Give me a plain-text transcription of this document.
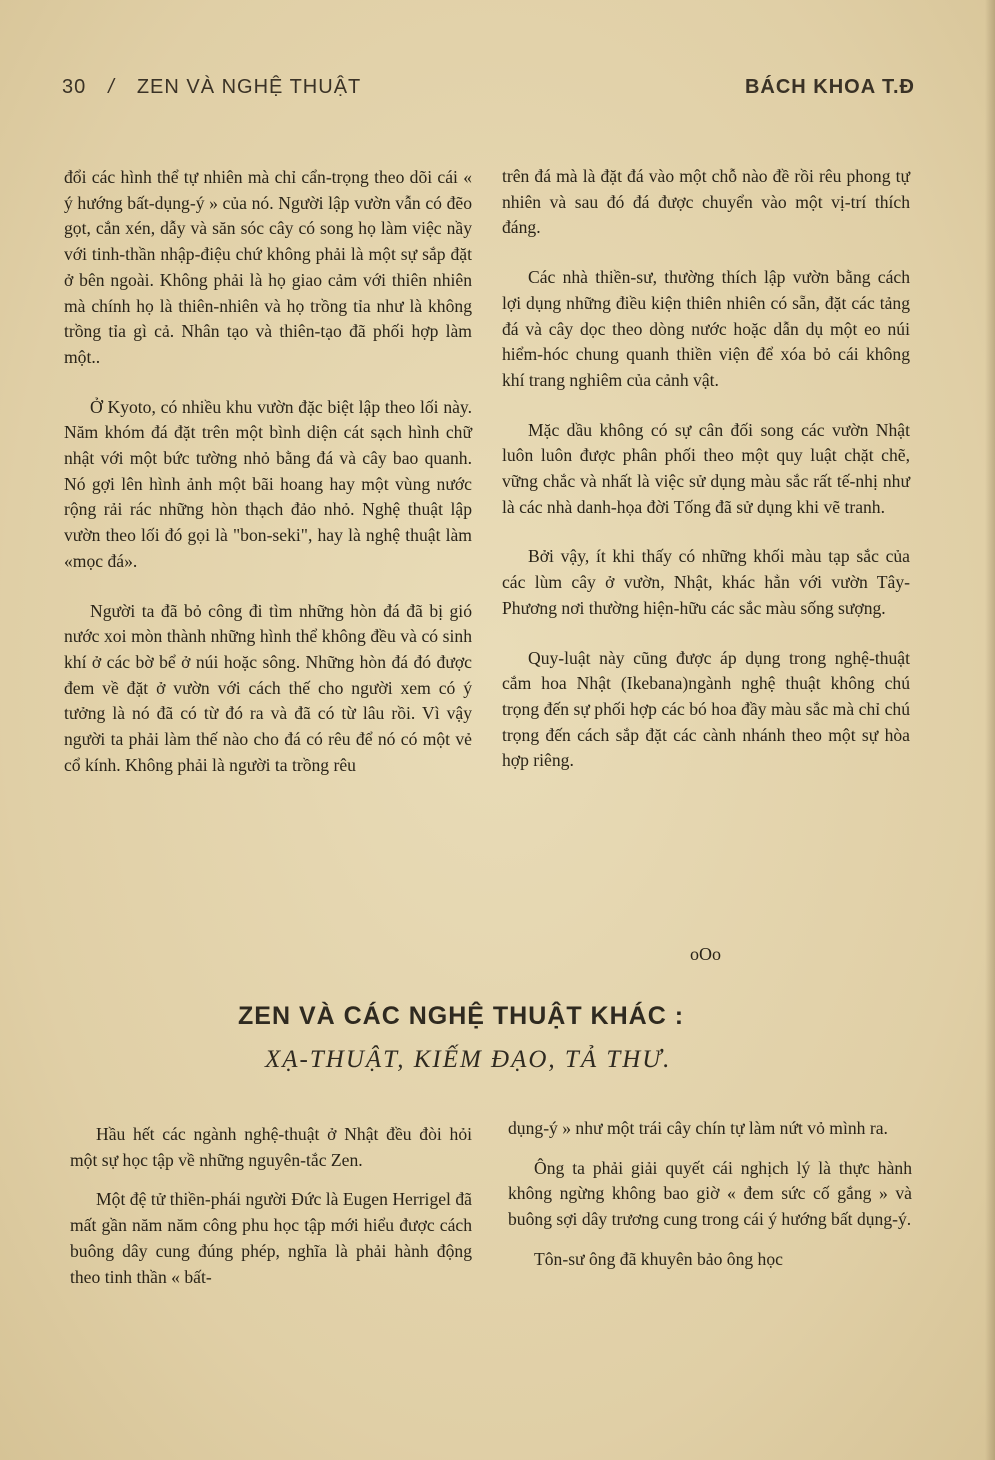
30 / ZEN VÀ NGHỆ THUẬT	BÁCH KHOA T.Đ

đổi các hình thể tự nhiên mà chỉ cẩn-trọng theo dõi cái « ý hướng bất-dụng-ý » của nó. Người lập vườn vẫn có đẽo gọt, cắn xén, dẫy và săn sóc cây có song họ làm việc nầy với tinh-thần nhập-điệu chứ không phải là một sự sắp đặt ở bên ngoài. Không phải là họ giao cảm với thiên nhiên mà chính họ là thiên-nhiên và họ trồng tỉa như là không trồng tỉa gì cả. Nhân tạo và thiên-tạo đã phối hợp làm một..

Ở Kyoto, có nhiều khu vườn đặc biệt lập theo lối này. Năm khóm đá đặt trên một bình diện cát sạch hình chữ nhật với một bức tường nhỏ bằng đá và cây bao quanh. Nó gợi lên hình ảnh một bãi hoang hay một vùng nước rộng rải rác những hòn thạch đảo nhỏ. Nghệ thuật lập vườn theo lối đó gọi là "bon-seki", hay là nghệ thuật làm «mọc đá».

Người ta đã bỏ công đi tìm những hòn đá đã bị gió nước xoi mòn thành những hình thể không đều và có sinh khí ở các bờ bể ở núi hoặc sông. Những hòn đá đó được đem về đặt ở vườn với cách thế cho người xem có ý tưởng là nó đã có từ đó ra và đã có từ lâu rồi. Vì vậy người ta phải làm thế nào cho đá có rêu để nó có một vẻ cổ kính. Không phải là người ta trồng rêu

trên đá mà là đặt đá vào một chỗ nào đề rồi rêu phong tự nhiên và sau đó đá được chuyển vào một vị-trí thích đáng.

Các nhà thiền-sư, thường thích lập vườn bằng cách lợi dụng những điều kiện thiên nhiên có sẵn, đặt các tảng đá và cây dọc theo dòng nước hoặc dẫn dụ một eo núi hiểm-hóc chung quanh thiền viện để xóa bỏ cái không khí trang nghiêm của cảnh vật.

Mặc dầu không có sự cân đối song các vườn Nhật luôn luôn được phân phối theo một quy luật chặt chẽ, vững chắc và nhất là việc sử dụng màu sắc rất tế-nhị như là các nhà danh-họa đời Tống đã sử dụng khi vẽ tranh.

Bởi vậy, ít khi thấy có những khối màu tạp sắc của các lùm cây ở vườn, Nhật, khác hẳn với vườn Tây-Phương nơi thường hiện-hữu các sắc màu sống sượng.

Quy-luật này cũng được áp dụng trong nghệ-thuật cắm hoa Nhật (Ikebana)ngành nghệ thuật không chú trọng đến sự phối hợp các bó hoa đầy màu sắc mà chỉ chú trọng đến cách sắp đặt các cành nhánh theo một sự hòa hợp riêng.

oOo
ZEN VÀ CÁC NGHỆ THUẬT KHÁC :
XẠ-THUẬT, KIẾM ĐẠO, TẢ THƯ.

Hầu hết các ngành nghệ-thuật ở Nhật đều đòi hỏi một sự học tập về những nguyên-tắc Zen.

Một đệ tử thiền-phái người Đức là Eugen Herrigel đã mất gần năm năm công phu học tập mới hiểu được cách buông dây cung đúng phép, nghĩa là phải hành động theo tinh thần « bất-

dụng-ý » như một trái cây chín tự làm nứt vỏ mình ra.

Ông ta phải giải quyết cái nghịch lý là thực hành không ngừng không bao giờ « đem sức cố gắng » và buông sợi dây trương cung trong cái ý hướng bất dụng-ý.

Tôn-sư ông đã khuyên bảo ông học
